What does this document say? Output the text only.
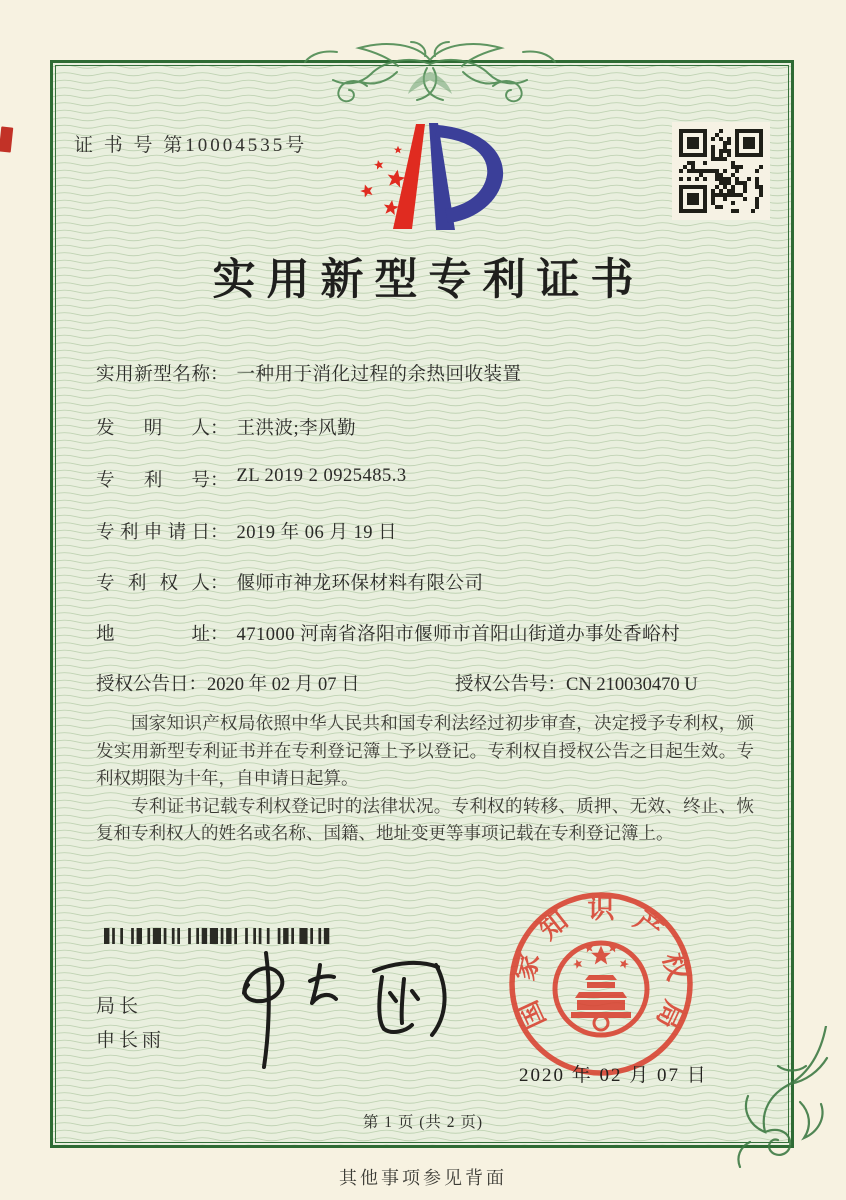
证 书 号 第10004535号
实用新型专利证书
实用新型名称 ： 一种用于消化过程的余热回收装置
发明人 ： 王洪波;李风勤
专利号 ： ZL 2019 2 0925485.3
专利申请日 ： 2019 年 06 月 19 日
专利权人 ： 偃师市神龙环保材料有限公司
地址 ： 471000 河南省洛阳市偃师市首阳山街道办事处香峪村
授权公告日：2020 年 02 月 07 日	授权公告号：CN 210030470 U

国家知识产权局依照中华人民共和国专利法经过初步审查，决定授予专利权，颁发实用新型专利证书并在专利登记簿上予以登记。专利权自授权公告之日起生效。专利权期限为十年，自申请日起算。

专利证书记载专利权登记时的法律状况。专利权的转移、质押、无效、终止、恢复和专利权人的姓名或名称、国籍、地址变更等事项记载在专利登记簿上。

局长
申长雨
国
家
知 识 产
权
局
2020 年 02 月 07 日
第 1 页 (共 2 页)
其他事项参见背面
